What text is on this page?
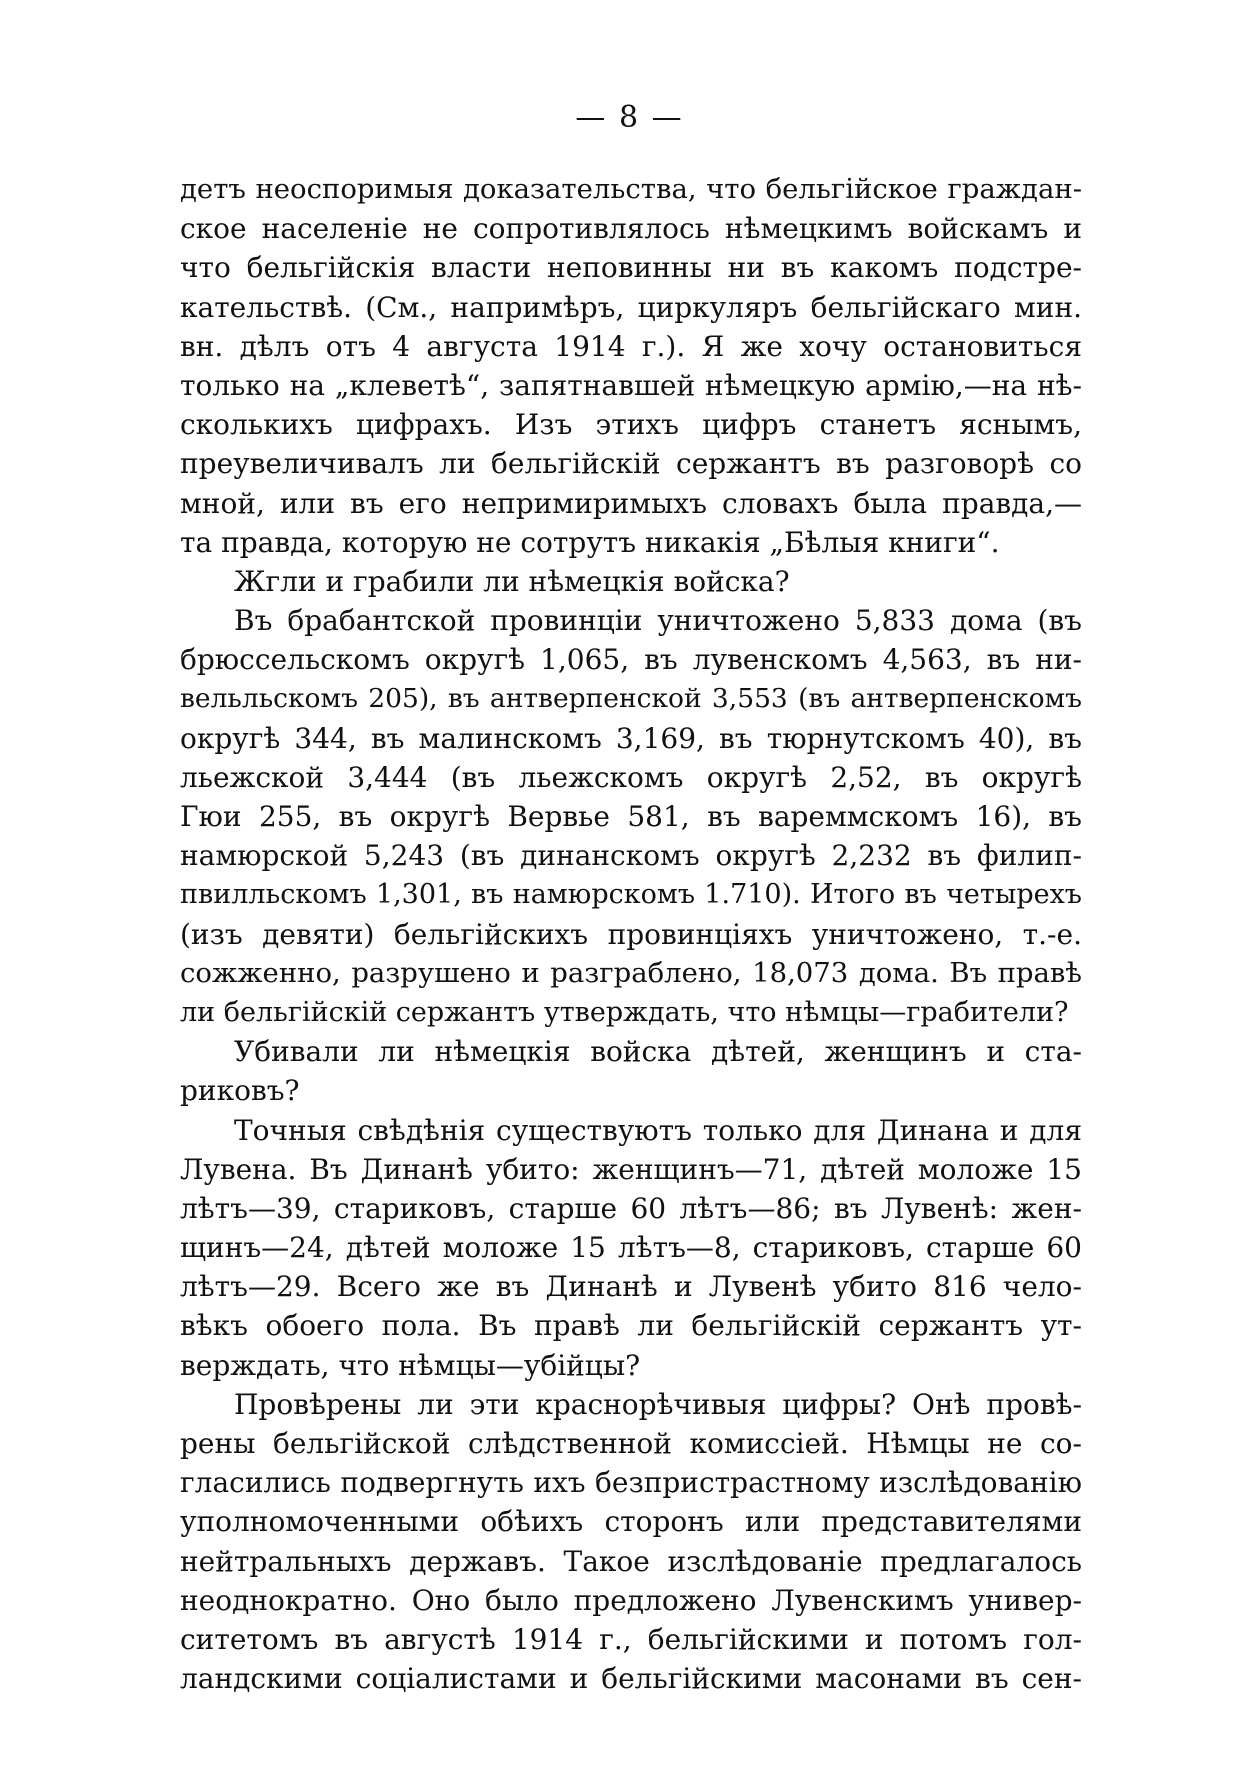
— 8 —
детъ неоспоримыя доказательства, что бельгійское граждан-
ское населеніе не сопротивлялось нѣмецкимъ войскамъ и
что бельгійскія власти неповинны ни въ какомъ подстре-
кательствѣ. (См., напримѣръ, циркуляръ бельгійскаго мин.
вн. дѣлъ отъ 4 августа 1914 г.). Я же хочу остановиться
только на „клеветѣ“, запятнавшей нѣмецкую армію,—на нѣ-
сколькихъ цифрахъ. Изъ этихъ цифръ станетъ яснымъ,
преувеличивалъ ли бельгійскій сержантъ въ разговорѣ со
мной, или въ его непримиримыхъ словахъ была правда,—
та правда, которую не сотрутъ никакія „Бѣлыя книги“.
Жгли и грабили ли нѣмецкія войска?
Въ брабантской провинціи уничтожено 5,833 дома (въ
брюссельскомъ округѣ 1,065, въ лувенскомъ 4,563, въ ни-
вельльскомъ 205), въ антверпенской 3,553 (въ антверпенскомъ
округѣ 344, въ малинскомъ 3,169, въ тюрнутскомъ 40), въ
льежской 3,444 (въ льежскомъ округѣ 2,52, въ округѣ
Гюи 255, въ округѣ Вервье 581, въ вареммскомъ 16), въ
намюрской 5,243 (въ динанскомъ округѣ 2,232 въ филип-
пвилльскомъ 1,301, въ намюрскомъ 1.710). Итого въ четырехъ
(изъ девяти) бельгійскихъ провинціяхъ уничтожено, т.-е.
сожженно, разрушено и разграблено, 18,073 дома. Въ правѣ
ли бельгійскій сержантъ утверждать, что нѣмцы—грабители?
Убивали ли нѣмецкія войска дѣтей, женщинъ и ста-
риковъ?
Точныя свѣдѣнія существуютъ только для Динана и для
Лувена. Въ Динанѣ убито: женщинъ—71, дѣтей моложе 15
лѣтъ—39, стариковъ, старше 60 лѣтъ—86; въ Лувенѣ: жен-
щинъ—24, дѣтей моложе 15 лѣтъ—8, стариковъ, старше 60
лѣтъ—29. Всего же въ Динанѣ и Лувенѣ убито 816 чело-
вѣкъ обоего пола. Въ правѣ ли бельгійскій сержантъ ут-
верждать, что нѣмцы—убійцы?
Провѣрены ли эти краснорѣчивыя цифры? Онѣ провѣ-
рены бельгійской слѣдственной комиссіей. Нѣмцы не со-
гласились подвергнуть ихъ безпристрастному изслѣдованію
уполномоченными обѣихъ сторонъ или представителями
нейтральныхъ державъ. Такое изслѣдованіе предлагалось
неоднократно. Оно было предложено Лувенскимъ универ-
ситетомъ въ августѣ 1914 г., бельгійскими и потомъ гол-
ландскими соціалистами и бельгійскими масонами въ сен-
